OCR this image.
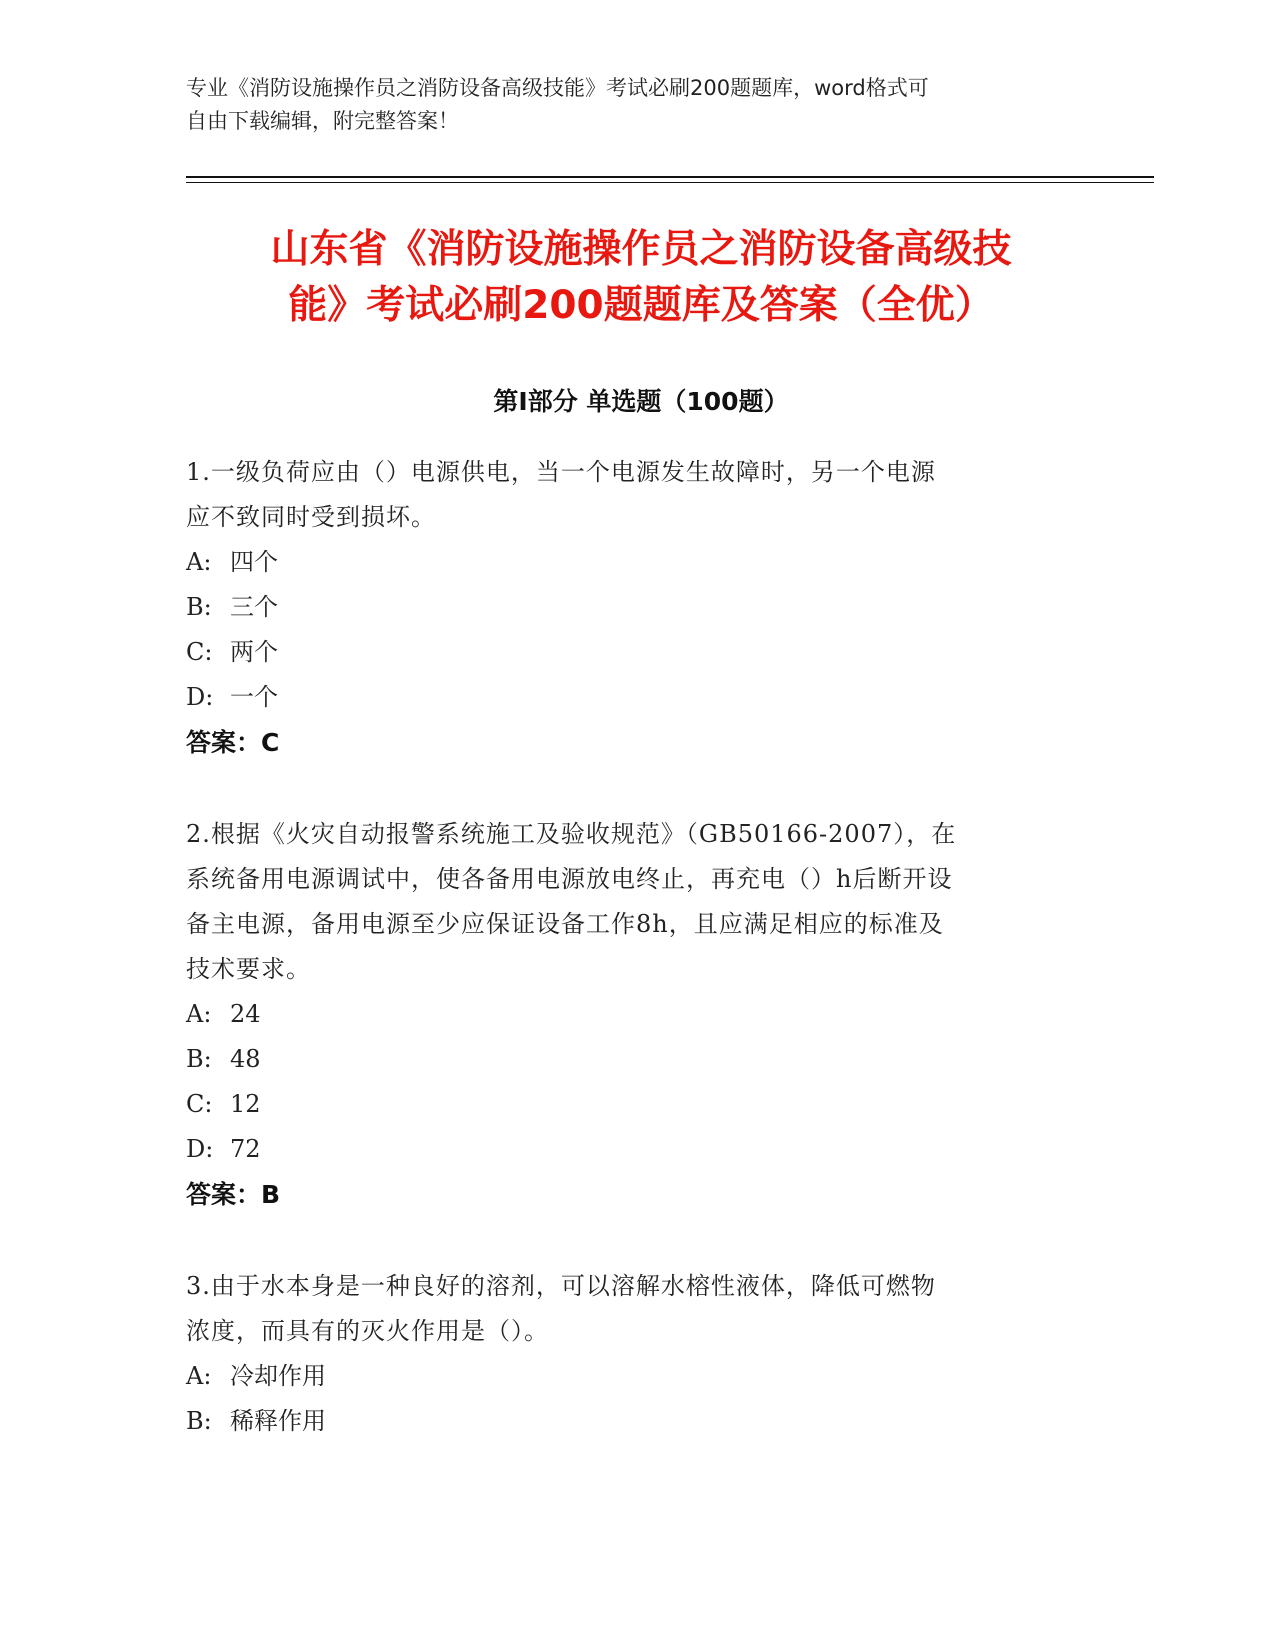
专业《消防设施操作员之消防设备高级技能》考试必刷200题题库，word格式可
自由下载编辑，附完整答案！
山东省《消防设施操作员之消防设备高级技
能》考试必刷200题题库及答案（全优）
第Ⅰ部分 单选题（100题）
1.一级负荷应由（）电源供电，当一个电源发生故障时，另一个电源
应不致同时受到损坏。
A: 四个
B: 三个
C: 两个
D: 一个
答案：C
2.根据《火灾自动报警系统施工及验收规范》（GB50166-2007），在
系统备用电源调试中，使各备用电源放电终止，再充电（）h后断开设
备主电源，备用电源至少应保证设备工作8h，且应满足相应的标准及
技术要求。
A: 24
B: 48
C: 12
D: 72
答案：B
3.由于水本身是一种良好的溶剂，可以溶解水榕性液体，降低可燃物
浓度，而具有的灭火作用是（）。
A: 冷却作用
B: 稀释作用
